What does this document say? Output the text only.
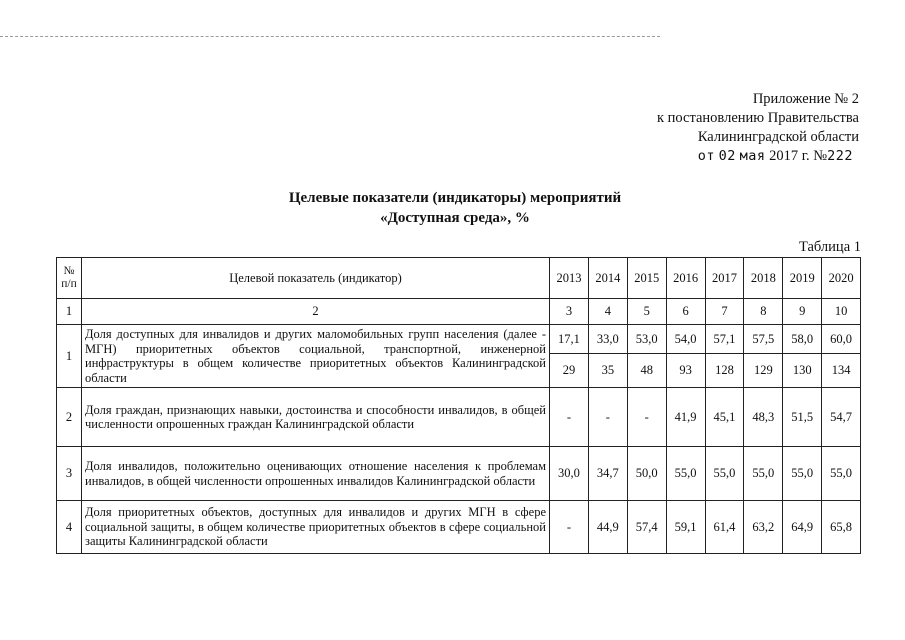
Приложение № 2
к постановлению Правительства
Калининградской области
от 02 мая 2017 г. №222
Целевые показатели (индикаторы) мероприятий
«Доступная среда», %
Таблица 1
№ п/п	Целевой показатель (индикатор)	2013	2014	2015	2016	2017	2018	2019	2020
1	2	3	4	5	6	7	8	9	10
1	Доля доступных для инвалидов и других маломобильных групп населения (далее - МГН) приоритетных объектов социальной, транспортной, инженерной инфраструктуры в общем количестве приоритетных объектов Калининградской области	17,1	33,0	53,0	54,0	57,1	57,5	58,0	60,0
		29	35	48	93	128	129	130	134
2	Доля граждан, признающих навыки, достоинства и способности инвалидов, в общей численности опрошенных граждан Калининградской области	-	-	-	41,9	45,1	48,3	51,5	54,7
3	Доля инвалидов, положительно оценивающих отношение населения к проблемам инвалидов, в общей численности опрошенных инвалидов Калининградской области	30,0	34,7	50,0	55,0	55,0	55,0	55,0	55,0
4	Доля приоритетных объектов, доступных для инвалидов и других МГН в сфере социальной защиты, в общем количестве приоритетных объектов в сфере социальной защиты Калининградской области	-	44,9	57,4	59,1	61,4	63,2	64,9	65,8
